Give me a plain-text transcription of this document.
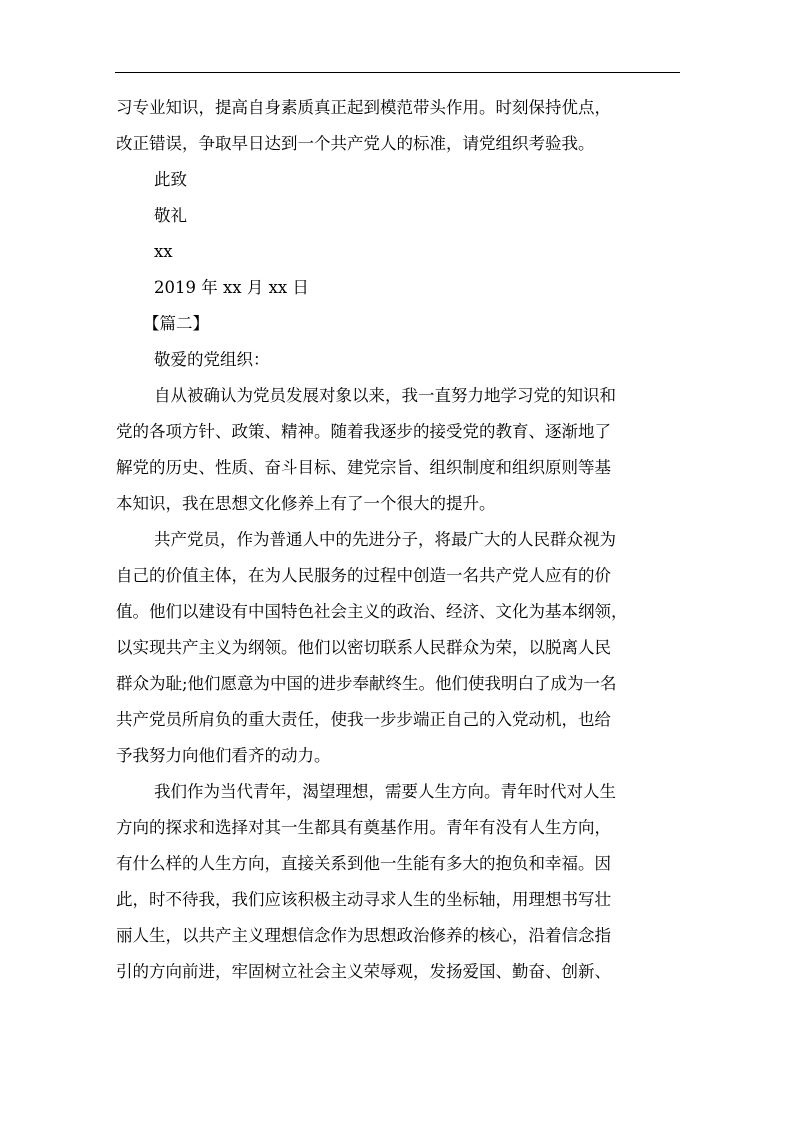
习专业知识，提高自身素质真正起到模范带头作用。时刻保持优点，
改正错误，争取早日达到一个共产党人的标准，请党组织考验我。
此致
敬礼
xx
2019 年 xx 月 xx 日
【篇二】
敬爱的党组织：
自从被确认为党员发展对象以来，我一直努力地学习党的知识和
党的各项方针、政策、精神。随着我逐步的接受党的教育、逐渐地了
解党的历史、性质、奋斗目标、建党宗旨、组织制度和组织原则等基
本知识，我在思想文化修养上有了一个很大的提升。
共产党员，作为普通人中的先进分子，将最广大的人民群众视为
自己的价值主体，在为人民服务的过程中创造一名共产党人应有的价
值。他们以建设有中国特色社会主义的政治、经济、文化为基本纲领，
以实现共产主义为纲领。他们以密切联系人民群众为荣，以脱离人民
群众为耻;他们愿意为中国的进步奉献终生。他们使我明白了成为一名
共产党员所肩负的重大责任，使我一步步端正自己的入党动机，也给
予我努力向他们看齐的动力。
我们作为当代青年，渴望理想，需要人生方向。青年时代对人生
方向的探求和选择对其一生都具有奠基作用。青年有没有人生方向，
有什么样的人生方向，直接关系到他一生能有多大的抱负和幸福。因
此，时不待我，我们应该积极主动寻求人生的坐标轴，用理想书写壮
丽人生，以共产主义理想信念作为思想政治修养的核心，沿着信念指
引的方向前进，牢固树立社会主义荣辱观，发扬爱国、勤奋、创新、
